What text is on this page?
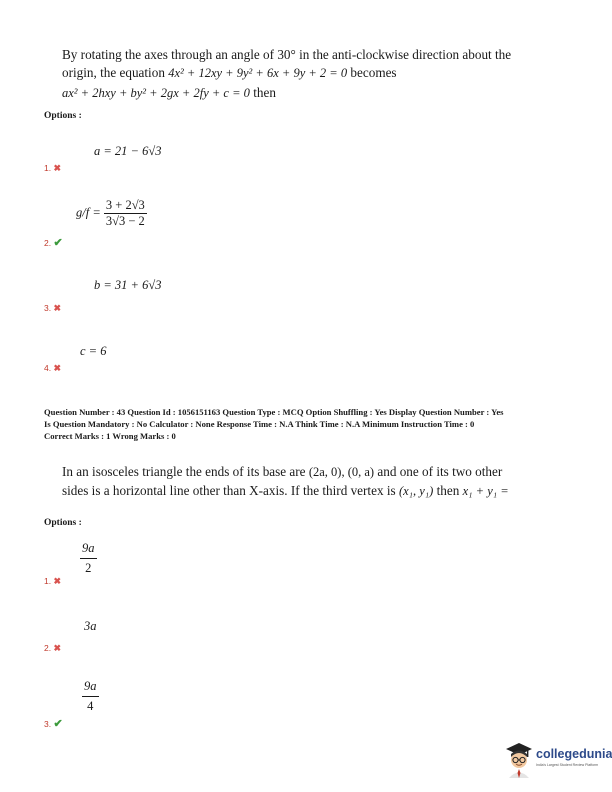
By rotating the axes through an angle of 30° in the anti-clockwise direction about the
origin, the equation 4x² + 12xy + 9y² + 6x + 9y + 2 = 0 becomes
ax² + 2hxy + by² + 2gx + 2fy + c = 0 then
Options :
a = 21 − 6√3
1. ✖
$g/f = \frac{3 + 2√3}{3√3 - 2}$
2. ✔
b = 31 + 6√3
3. ✖
c = 6
4. ✖
Question Number : 43 Question Id : 1056151163 Question Type : MCQ Option Shuffling : Yes Display Question Number : Yes
Is Question Mandatory : No Calculator : None Response Time : N.A Think Time : N.A Minimum Instruction Time : 0
Correct Marks : 1 Wrong Marks : 0
In an isosceles triangle the ends of its base are (2a, 0), (0, a) and one of its two other
sides is a horizontal line other than X-axis. If the third vertex is (x₁, y₁) then x₁ + y₁ =
Options :
$\frac{9a}{2}$
1. ✖
3a
2. ✖
$\frac{9a}{4}$
3. ✔
collegedunia
India's Largest Student Review Platform
